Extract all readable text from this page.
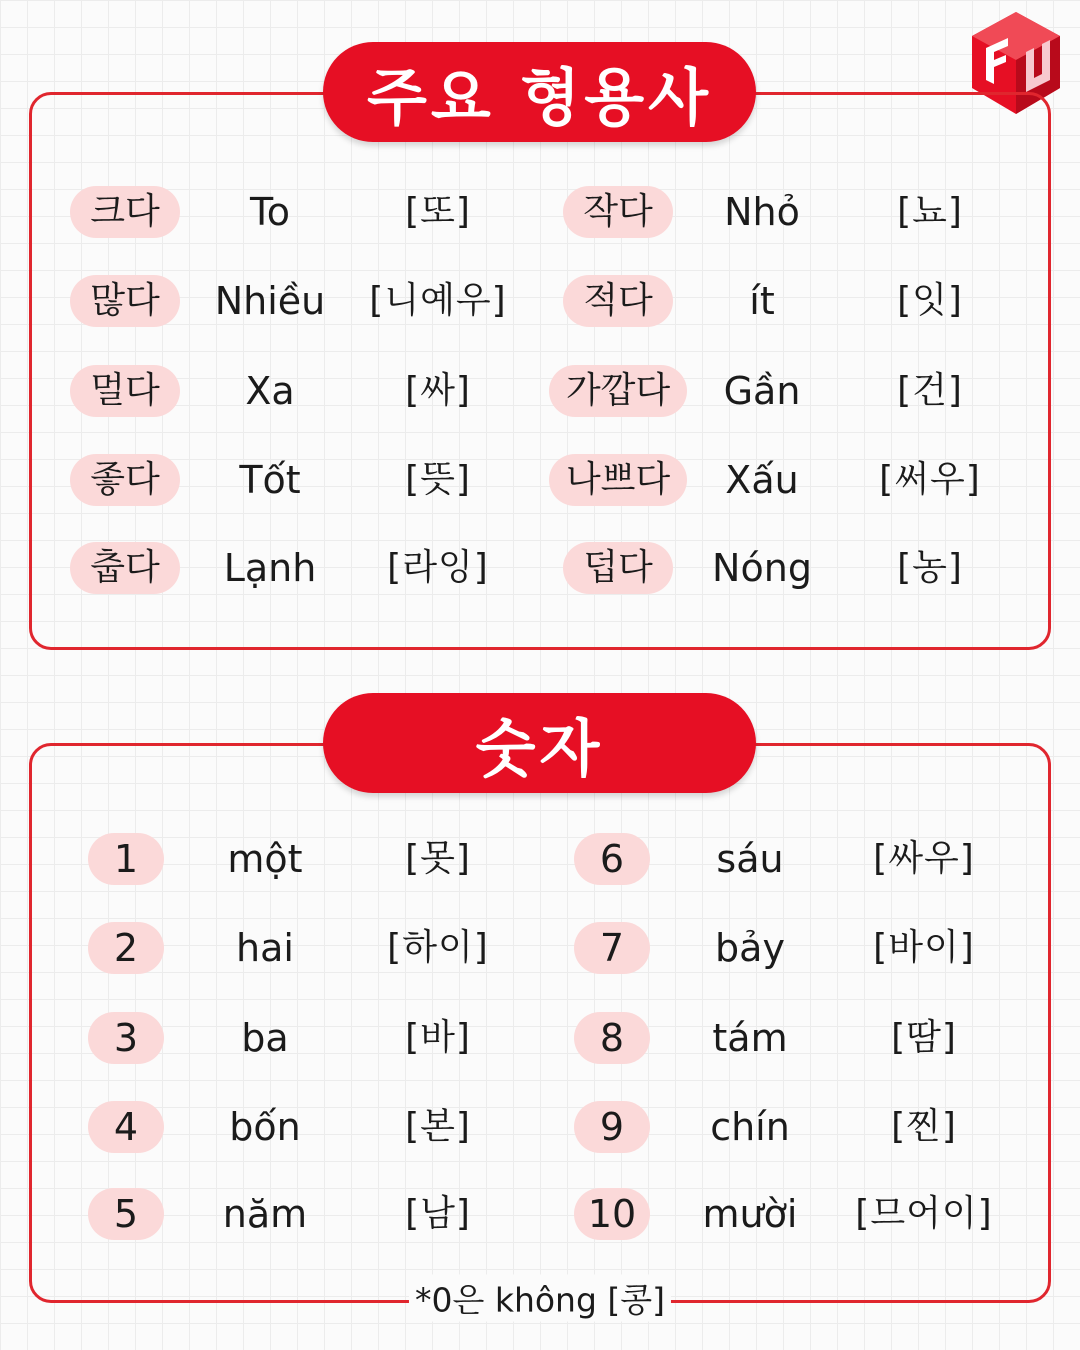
주요 형용사
크다	To	[또]	작다	Nhỏ	[뇨]
많다	Nhiều [니예우]	적다	ít	[잇]
멀다	Xa	[싸]	가깝다	Gần	[건]
좋다	Tốt	[뜻]	나쁘다	Xấu [써우]
춥다	Lạnh [라잉]	덥다	Nóng [농]
숫자
1	một	[못]	6	sáu [싸우]
2	hai	[하이]	7	bảy [바이]
3	ba	[바]	8	tám	[땀]
4	bốn	[본]	9	chín	[찐]
5	năm	[남]	10	mười [므어이]
*0은 không [콩]
